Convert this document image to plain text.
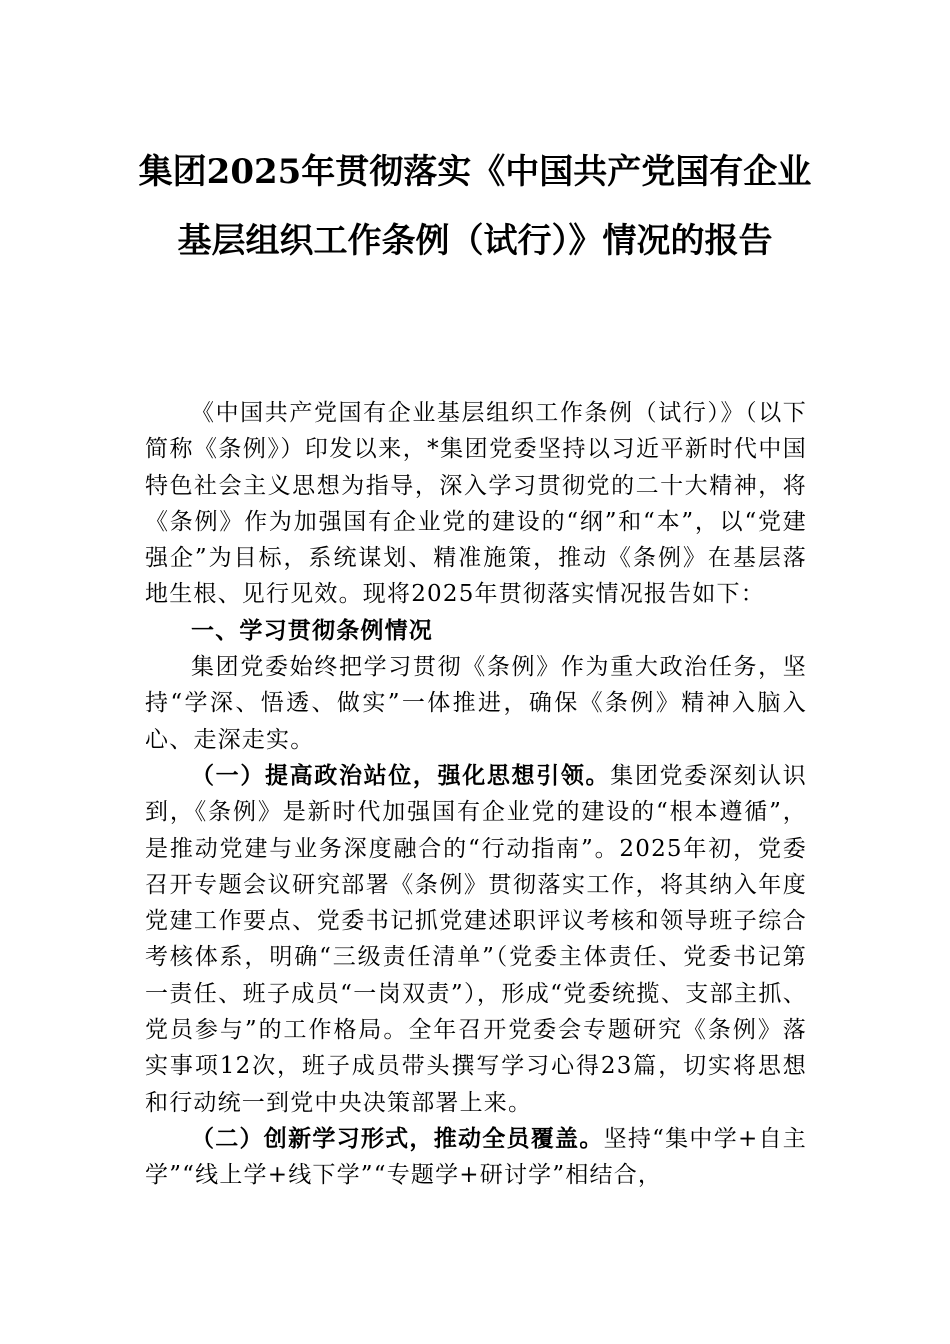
集团2025年贯彻落实《中国共产党国有企业基层组织工作条例（试行）》情况的报告

《中国共产党国有企业基层组织工作条例（试行）》（以下简称《条例》）印发以来，*集团党委坚持以习近平新时代中国特色社会主义思想为指导，深入学习贯彻党的二十大精神，将《条例》作为加强国有企业党的建设的“纲”和“本”，以“党建强企”为目标，系统谋划、精准施策，推动《条例》在基层落地生根、见行见效。现将2025年贯彻落实情况报告如下：

一、学习贯彻条例情况

集团党委始终把学习贯彻《条例》作为重大政治任务，坚持“学深、悟透、做实”一体推进，确保《条例》精神入脑入心、走深走实。

（一）提高政治站位，强化思想引领。集团党委深刻认识到，《条例》是新时代加强国有企业党的建设的“根本遵循”，是推动党建与业务深度融合的“行动指南”。2025年初，党委召开专题会议研究部署《条例》贯彻落实工作，将其纳入年度党建工作要点、党委书记抓党建述职评议考核和领导班子综合考核体系，明确“三级责任清单”（党委主体责任、党委书记第一责任、班子成员“一岗双责”），形成“党委统揽、支部主抓、党员参与”的工作格局。全年召开党委会专题研究《条例》落实事项12次，班子成员带头撰写学习心得23篇，切实将思想和行动统一到党中央决策部署上来。

（二）创新学习形式，推动全员覆盖。坚持“集中学+自主学”“线上学+线下学”“专题学+研讨学”相结合，
